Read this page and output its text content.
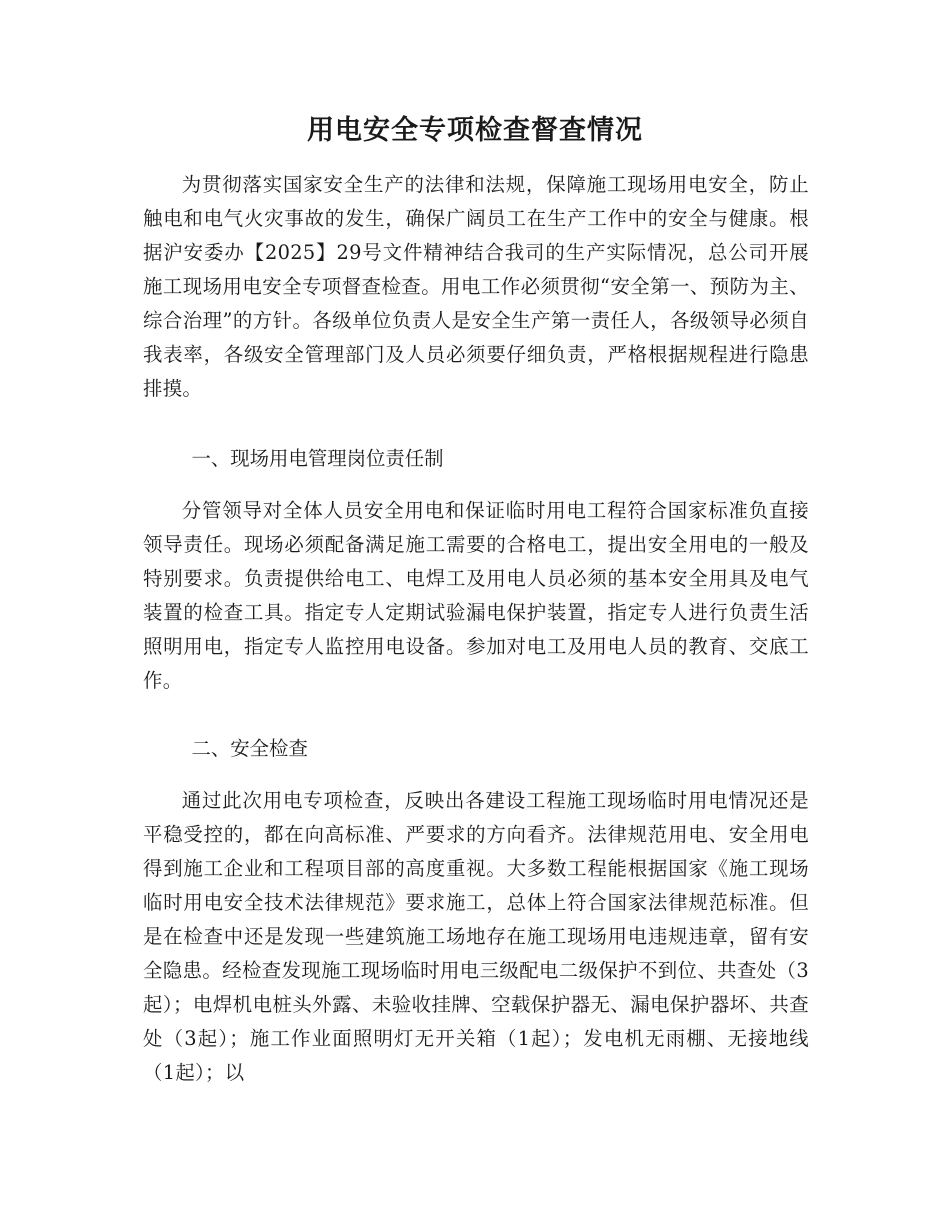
用电安全专项检查督查情况

为贯彻落实国家安全生产的法律和法规，保障施工现场用电安全，防止触电和电气火灾事故的发生，确保广阔员工在生产工作中的安全与健康。根据沪安委办【2025】29号文件精神结合我司的生产实际情况，总公司开展施工现场用电安全专项督查检查。用电工作必须贯彻“安全第一、预防为主、综合治理”的方针。各级单位负责人是安全生产第一责任人，各级领导必须自我表率，各级安全管理部门及人员必须要仔细负责，严格根据规程进行隐患排摸。

一、现场用电管理岗位责任制

分管领导对全体人员安全用电和保证临时用电工程符合国家标准负直接领导责任。现场必须配备满足施工需要的合格电工，提出安全用电的一般及特别要求。负责提供给电工、电焊工及用电人员必须的基本安全用具及电气装置的检查工具。指定专人定期试验漏电保护装置，指定专人进行负责生活照明用电，指定专人监控用电设备。参加对电工及用电人员的教育、交底工作。

二、安全检查

通过此次用电专项检查，反映出各建设工程施工现场临时用电情况还是平稳受控的，都在向高标准、严要求的方向看齐。法律规范用电、安全用电得到施工企业和工程项目部的高度重视。大多数工程能根据国家《施工现场临时用电安全技术法律规范》要求施工，总体上符合国家法律规范标准。但是在检查中还是发现一些建筑施工场地存在施工现场用电违规违章，留有安全隐患。经检查发现施工现场临时用电三级配电二级保护不到位、共查处（3起）；电焊机电桩头外露、未验收挂牌、空载保护器无、漏电保护器坏、共查处（3起）；施工作业面照明灯无开关箱（1起）；发电机无雨棚、无接地线（1起）；以
